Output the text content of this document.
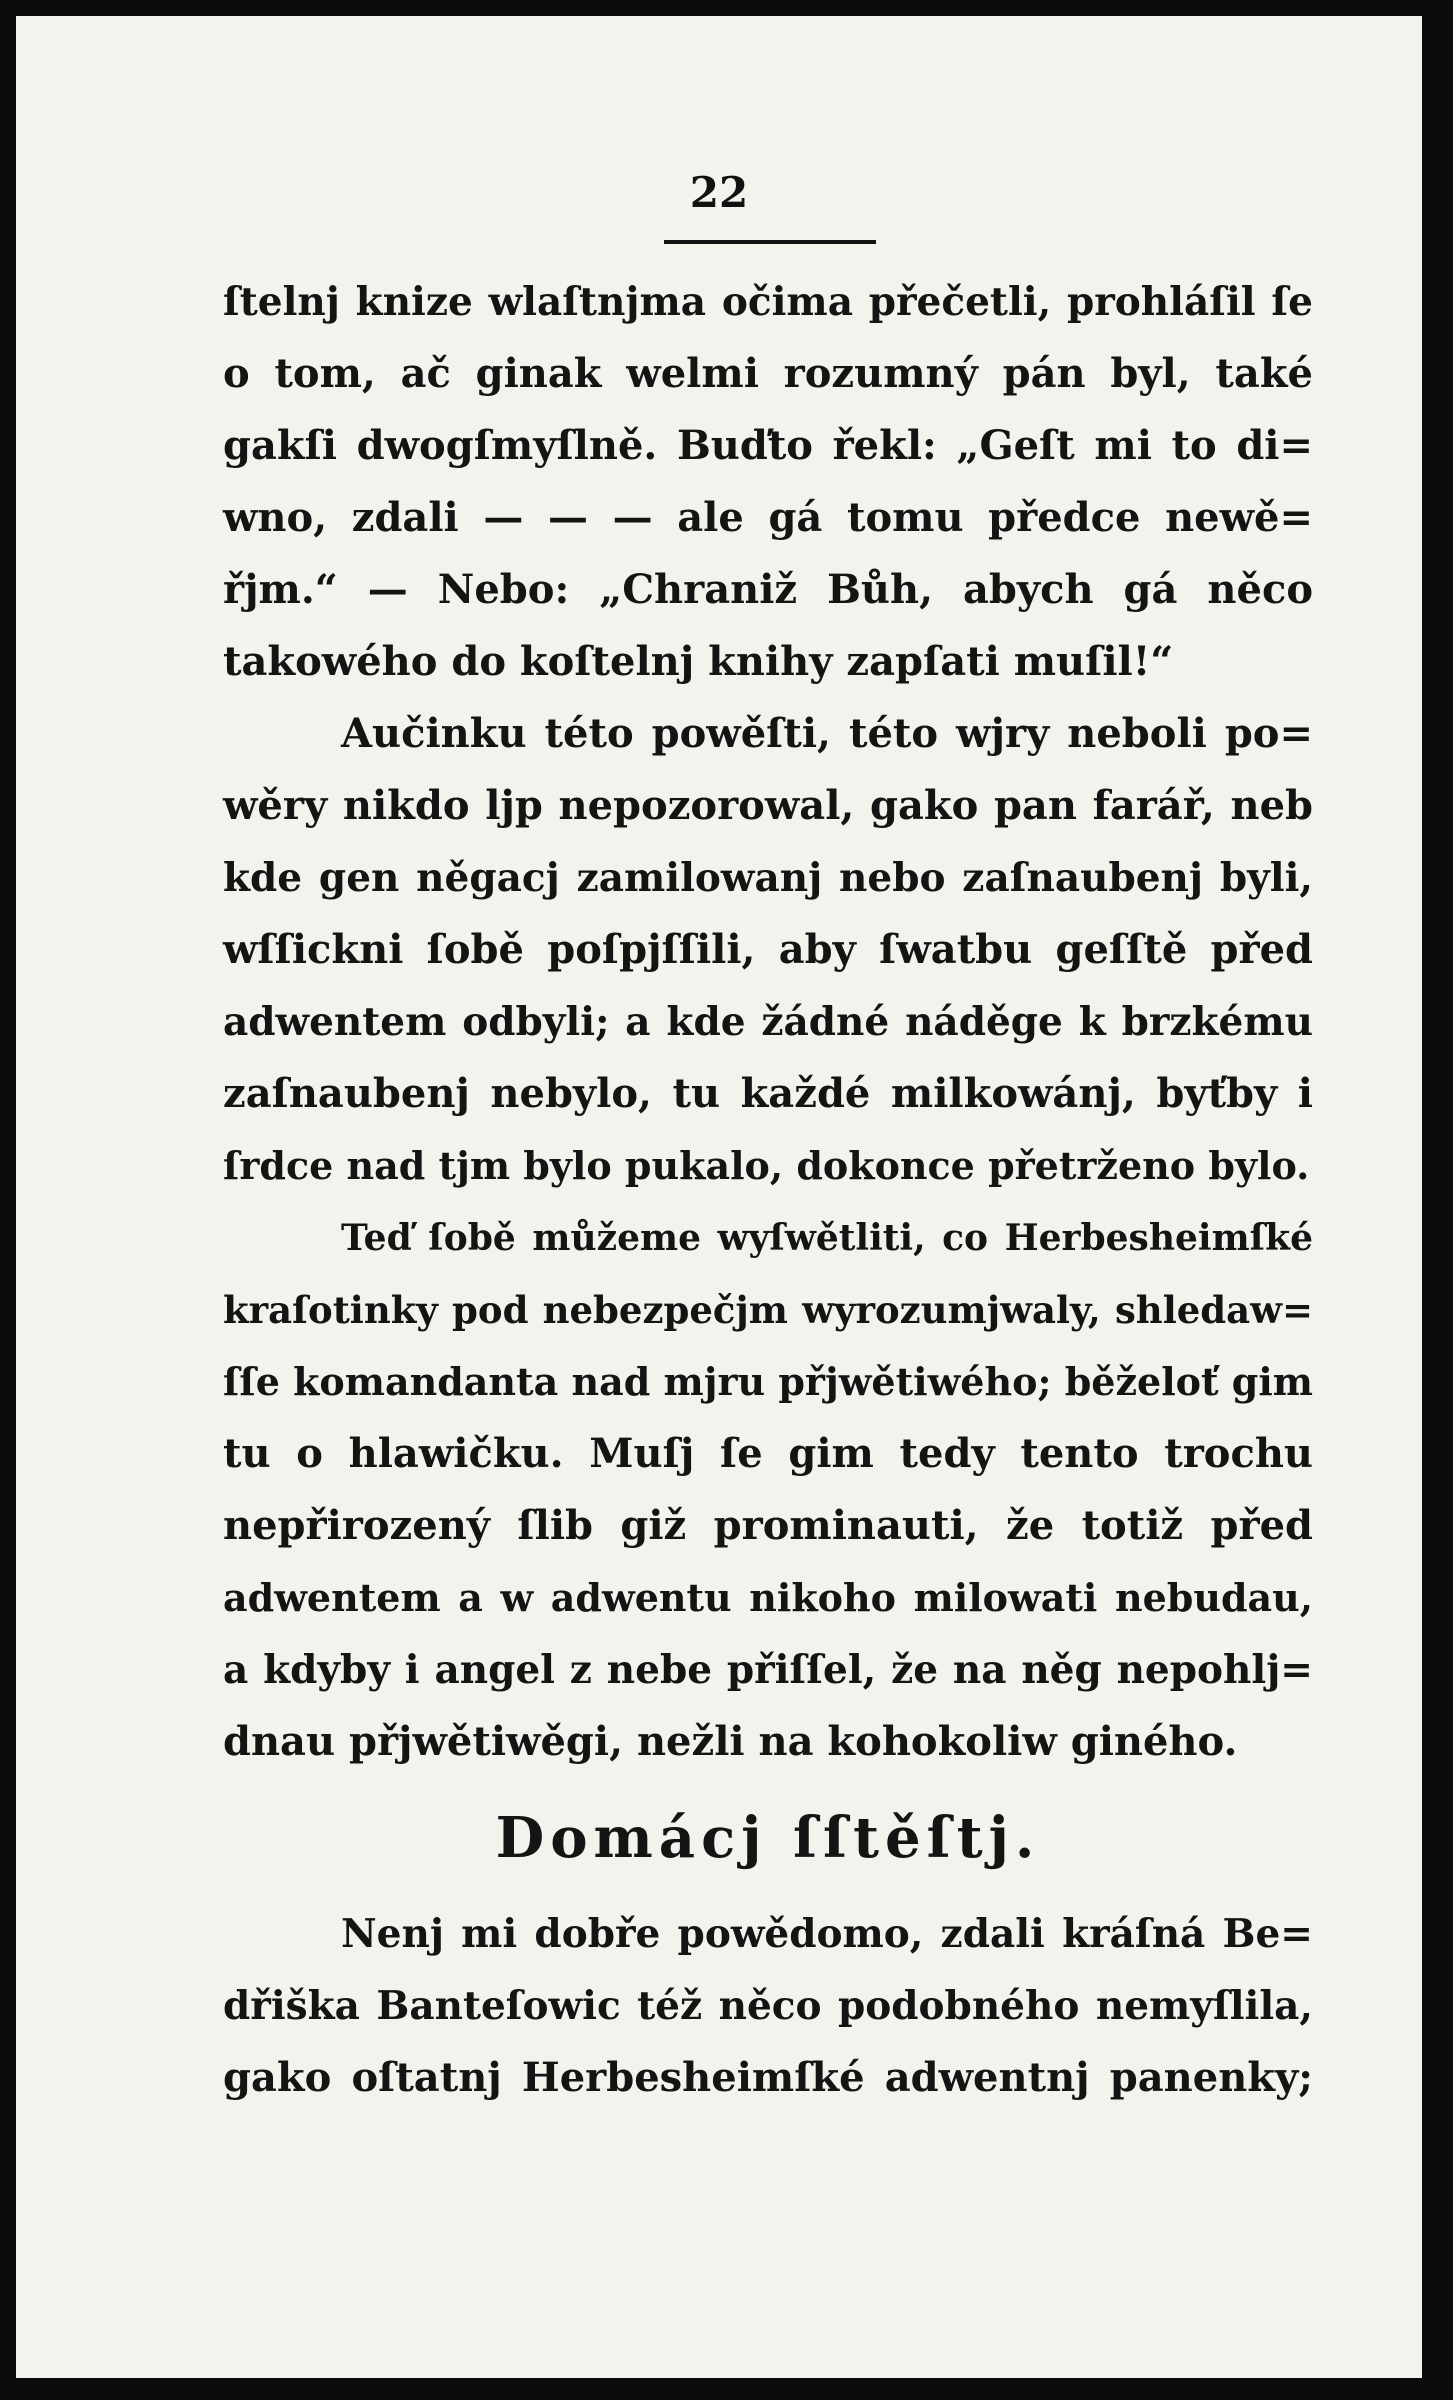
22
ſtelnj knize wlaſtnjma očima přečetli, prohláſil ſe
o tom, ač ginak welmi rozumný pán byl, také
gakſi dwogſmyſlně. Buďto řekl: „Geſt mi to di=
wno, zdali — — — ale gá tomu předce newě=
řjm.“ — Nebo: „Chraniž Bůh, abych gá něco
takowého do koſtelnj knihy zapſati muſil!“
Aučinku této powěſti, této wjry neboli po=
wěry nikdo ljp nepozorowal, gako pan farář, neb
kde gen něgacj zamilowanj nebo zaſnaubenj byli,
wſſickni ſobě poſpjſſili, aby ſwatbu geſſtě před
adwentem odbyli; a kde žádné náděge k brzkému
zaſnaubenj nebylo, tu každé milkowánj, byťby i
ſrdce nad tjm bylo pukalo, dokonce přetrženo bylo.
Teď ſobě můžeme wyſwětliti, co Herbesheimſké
kraſotinky pod nebezpečjm wyrozumjwaly, shledaw=
ſſe komandanta nad mjru přjwětiwého; běželoť gim
tu o hlawičku. Muſj ſe gim tedy tento trochu
nepřirozený ſlib giž prominauti, že totiž před
adwentem a w adwentu nikoho milowati nebudau,
a kdyby i angel z nebe přiſſel, že na něg nepohlj=
dnau přjwětiwěgi, nežli na kohokoliw giného.
Domácj ſſtěſtj.
Nenj mi dobře powědomo, zdali kráſná Be=
dřiška Banteſowic též něco podobného nemyſlila,
gako oſtatnj Herbesheimſké adwentnj panenky;
